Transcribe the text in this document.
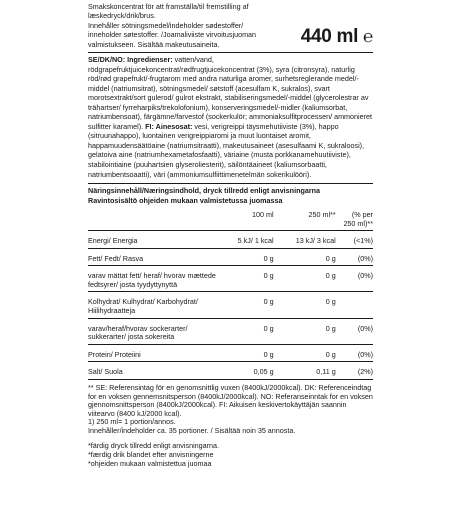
Smakskoncentrat för att framställa/til fremstilling af læskedryck/drik/brus.
Innehåller sötningsmedel/indeholder sødestoffer/
inneholder søtestoffer. /Joamaliviiste virvoitusjuoman
valmistukseen. Sisältää makeutusaineita.	440 ml ℮
SE/DK/NO: Ingredienser: vatten/vand, rödgrapefruktjuicekoncentrat/rødfrugtjuicekoncentrat (3%), syra (citronsyra), naturlig röd/rød grapefrukt/-frugtarom med andra naturliga aromer, surhetsreglerande medel/-middel (natriumsitrat), sötningsmedel/ søtstoff (acesulfam K, sukralos), svart morotsextrakt/sort gulerod/ gulrot ekstrakt, stabiliseringsmedel/-middel (glycerolestrar av trähartser/ fyrreharpiks/trekolofonium), konserveringsmedel/-midler (kaliumsorbat, natriumbensoat), färgämne/farvestof (sockerkulör; ammoniaksulfitprocessen/ ammonieret sulfitter karamel). FI: Ainesosat: vesi, verigreippi täysmehutiiviste (3%), happo (sitruunahappo), luontainen verigreippiaromi ja muut luontaiset aromit, happamuudensäätöaine (natriumsitraatti), makeutusaineet (asesulfaami K, sukraloosi), gelatoiva aine (natriumhexametafosfaatti), väriaine (musta porkkanamehuutiiviste), stabilointiaine (puuhartsien glyseroliesterit), säilöntäaineet (kaliumsorbaatti, natriumbentsoaatti), väri (ammoniumsulfiittimenetelmän sokerikulööri).
Näringsinnehåll/Næringsindhold, dryck tillredd enligt anvisningarna
Ravintosisältö ohjeiden mukaan valmistetussa juomassa
	100 ml	250 ml**	(% per 250 ml)**
Energi/ Energia	5 kJ/ 1 kcal	13 kJ/ 3 kcal	(<1%)
Fett/ Fedt/ Rasva	0 g	0 g	(0%)
varav mättat fett/ heraf/ hvorav mættede fedtsyrer/ josta tyydyttynyttä	0 g	0 g	(0%)
Kolhydrat/ Kulhydrat/ Karbohydrat/ Hiilihydraatteja	0 g	0 g	
varav/heraf/hvorav sockerarter/ sukkerarter/ josta sokereita	0 g	0 g	(0%)
Protein/ Proteiini	0 g	0 g	(0%)
Salt/ Suola	0,05 g	0,11 g	(2%)
** SE: Referensintag för en genomsnittlig vuxen (8400kJ/2000kcal). DK: Referenceindtag for en voksen gennemsnitsperson (8400kJ/2000kcal). NO: Referanseinntak for en voksen gjennomsnittsperson (8400kJ/2000kcal). FI: Aikuisen keskivertokäyttäjän saannin viitearvo (8400 kJ/2000 kcal).
1) 250 ml= 1 portion/annos.
Innehåller/indeholder ca. 35 portioner. / Sisältää noin 35 annosta.
*färdig dryck tillredd enligt anvisningarna.
*færdig drik blandet efter anvisningerne
*ohjeiden mukaan valmistettua juomaa
